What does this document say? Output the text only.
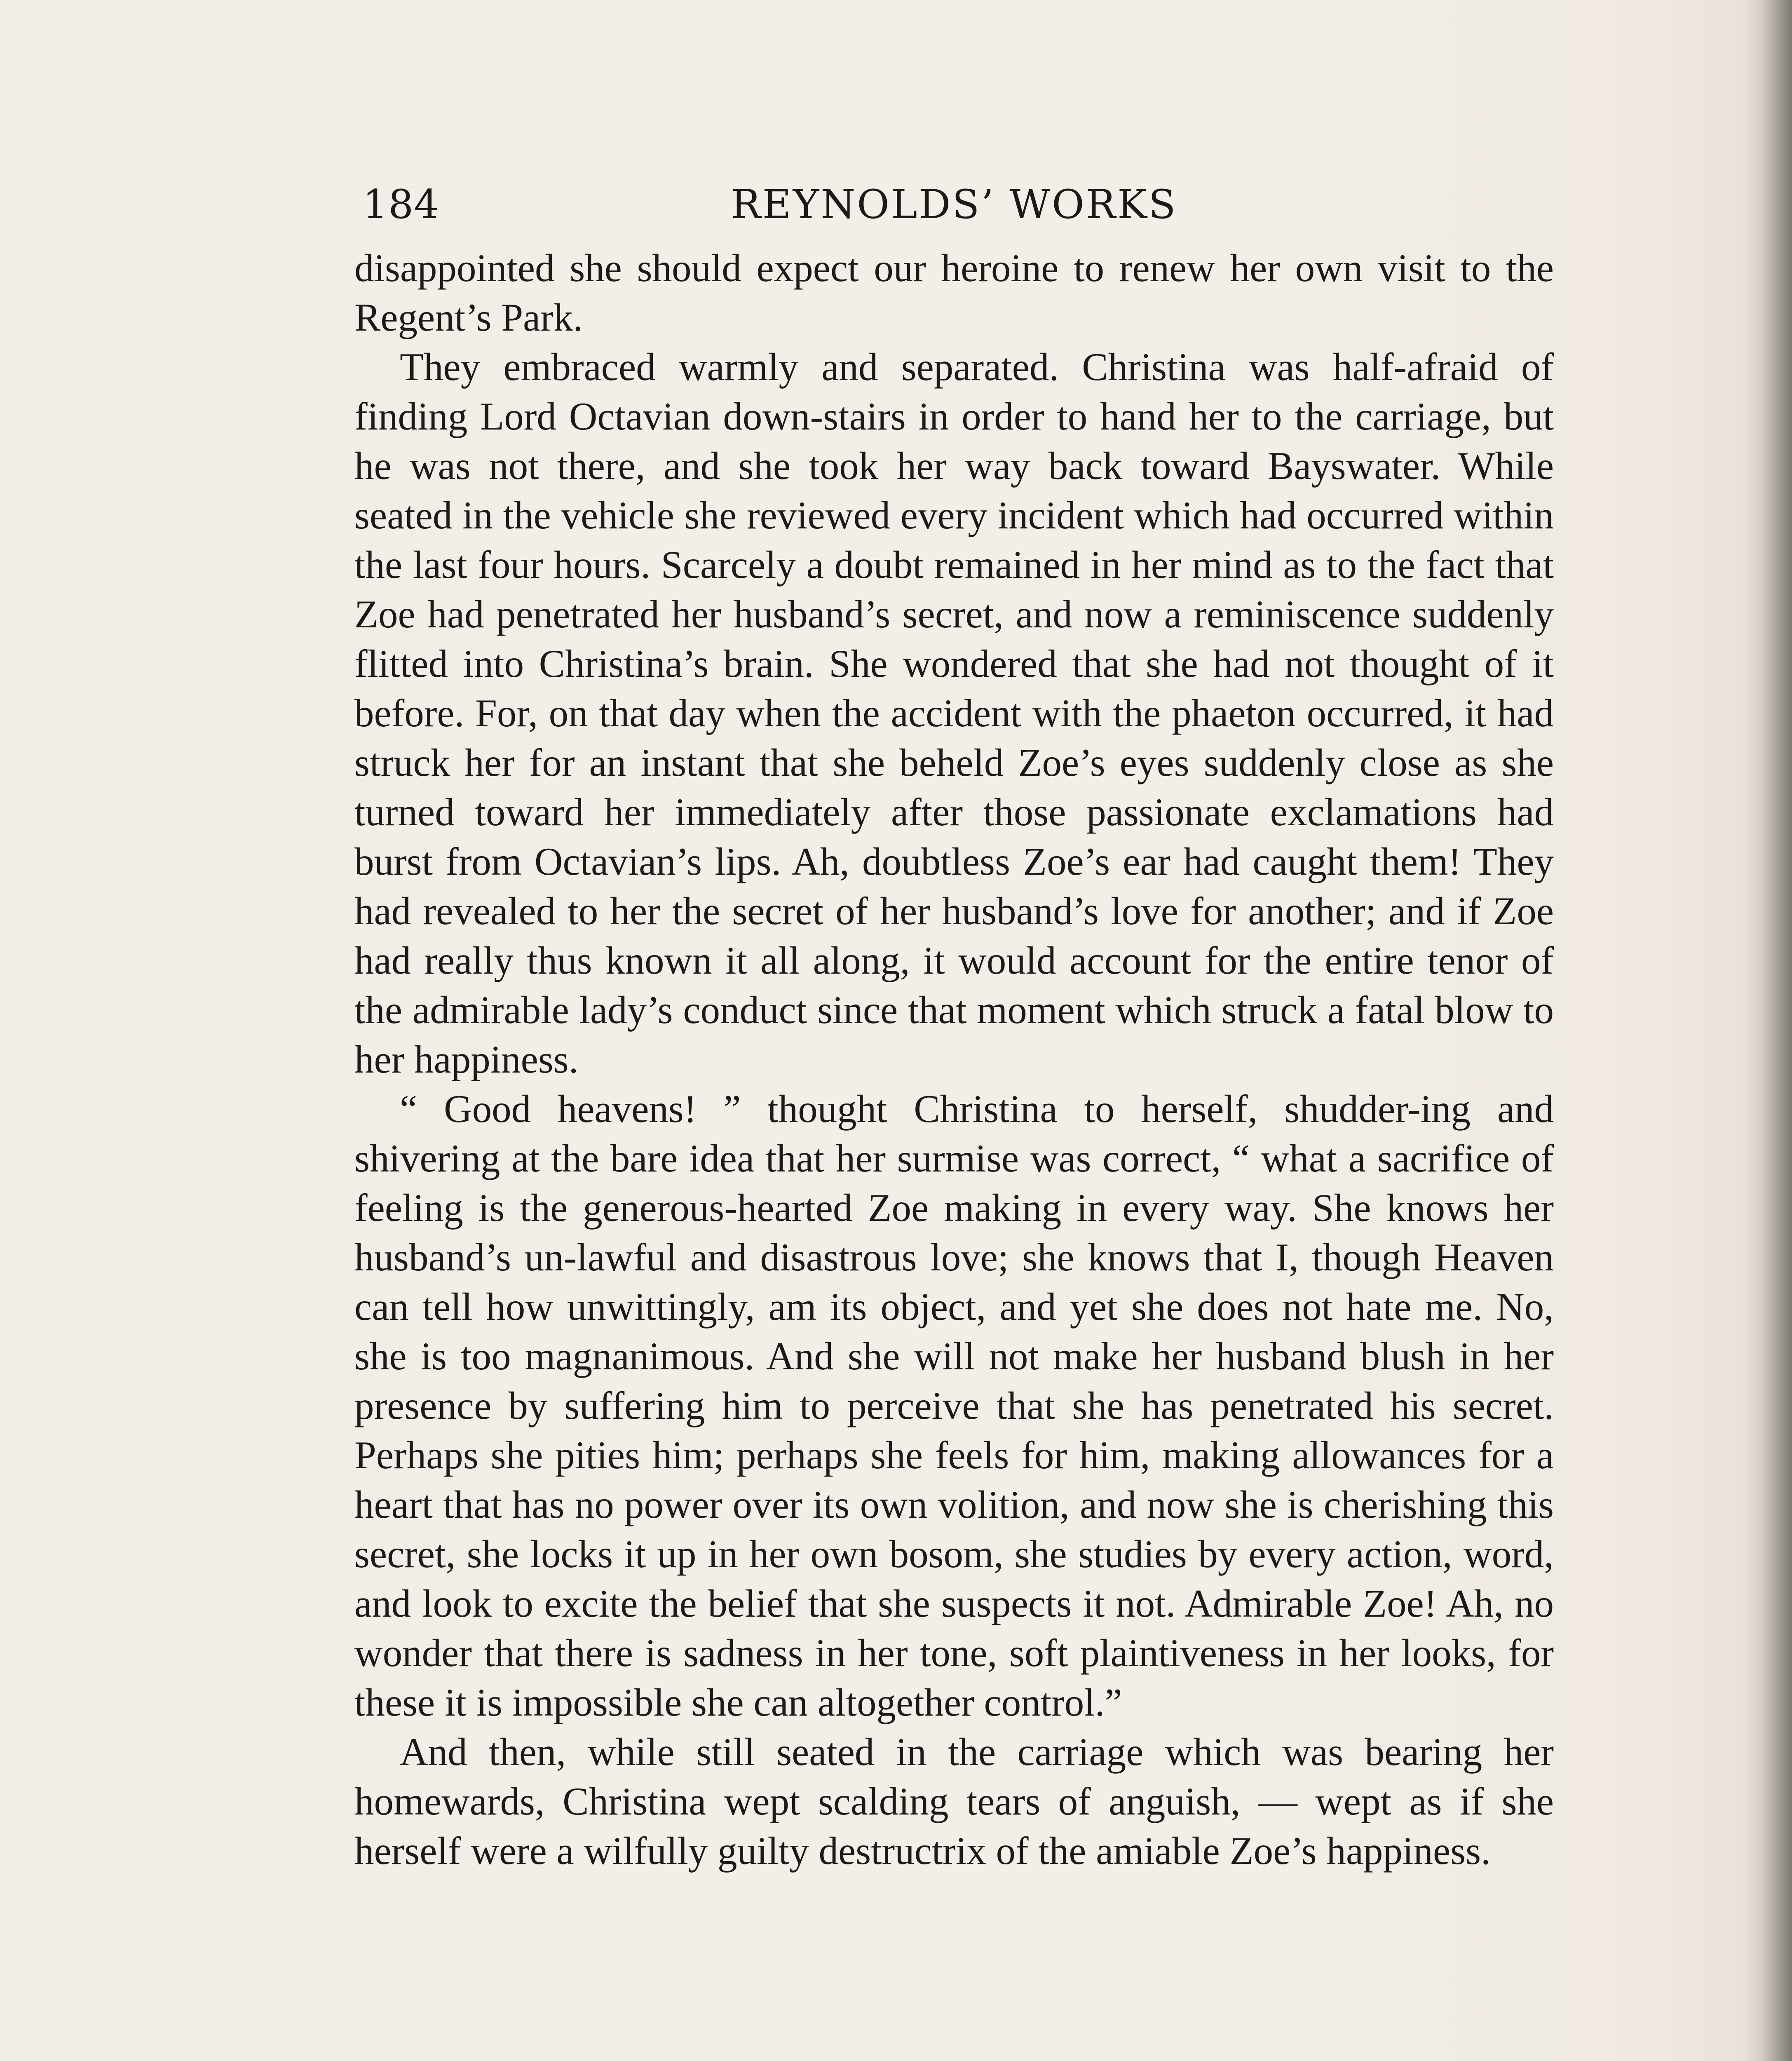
184	REYNOLDS’ WORKS

disappointed she should expect our heroine to renew her own visit to the Regent’s Park.

They embraced warmly and separated. Christina was half-afraid of finding Lord Octavian down-stairs in order to hand her to the carriage, but he was not there, and she took her way back toward Bayswater. While seated in the vehicle she reviewed every incident which had occurred within the last four hours. Scarcely a doubt remained in her mind as to the fact that Zoe had penetrated her husband’s secret, and now a reminiscence suddenly flitted into Christina’s brain. She wondered that she had not thought of it before. For, on that day when the accident with the phaeton occurred, it had struck her for an instant that she beheld Zoe’s eyes suddenly close as she turned toward her immediately after those passionate exclamations had burst from Octavian’s lips. Ah, doubtless Zoe’s ear had caught them! They had revealed to her the secret of her husband’s love for another; and if Zoe had really thus known it all along, it would account for the entire tenor of the admirable lady’s conduct since that moment which struck a fatal blow to her happiness.

“ Good heavens! ” thought Christina to herself, shudder-ing and shivering at the bare idea that her surmise was correct, “ what a sacrifice of feeling is the generous-hearted Zoe making in every way. She knows her husband’s un-lawful and disastrous love; she knows that I, though Heaven can tell how unwittingly, am its object, and yet she does not hate me. No, she is too magnanimous. And she will not make her husband blush in her presence by suffering him to perceive that she has penetrated his secret. Perhaps she pities him; perhaps she feels for him, making allowances for a heart that has no power over its own volition, and now she is cherishing this secret, she locks it up in her own bosom, she studies by every action, word, and look to excite the belief that she suspects it not. Admirable Zoe! Ah, no wonder that there is sadness in her tone, soft plaintiveness in her looks, for these it is impossible she can altogether control.”

And then, while still seated in the carriage which was bearing her homewards, Christina wept scalding tears of anguish, — wept as if she herself were a wilfully guilty destructrix of the amiable Zoe’s happiness.
